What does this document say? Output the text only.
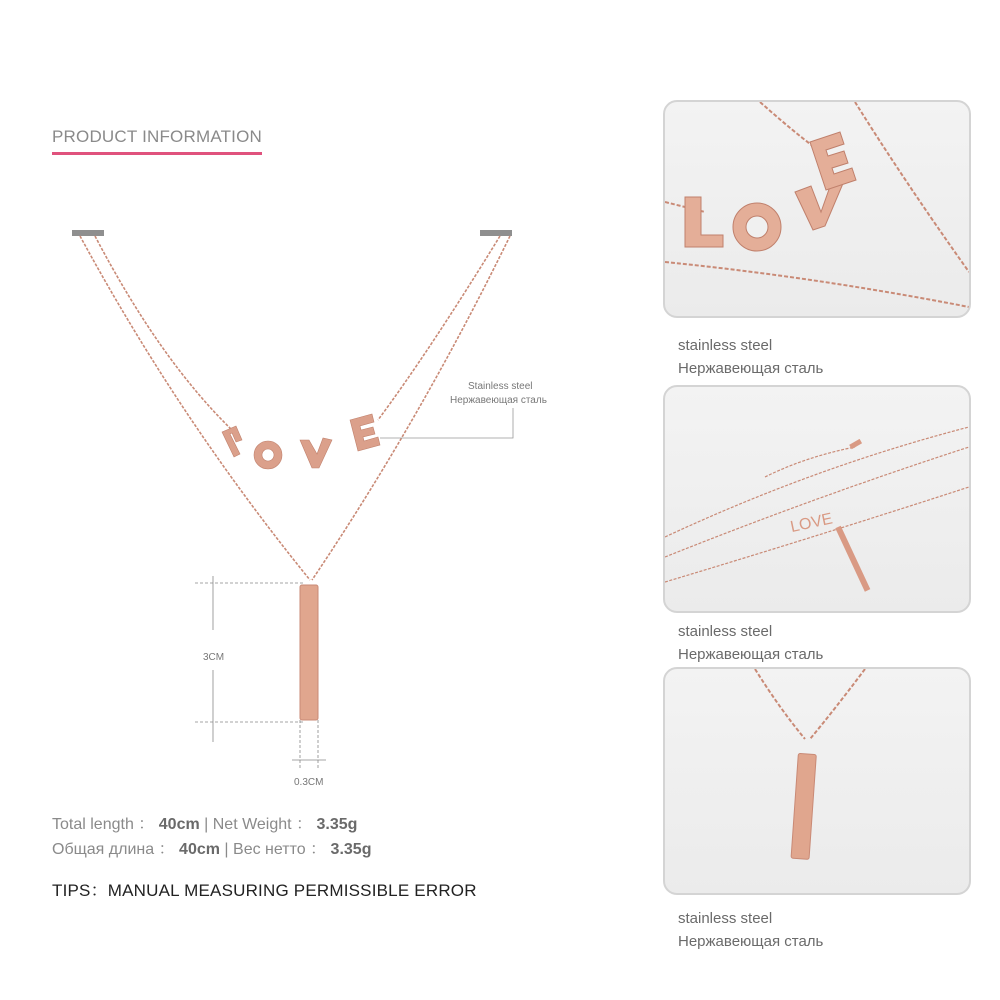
PRODUCT INFORMATION
3CM
0.3CM
Stainless steel
Нержавеющая сталь
Total length ： 40cm | Net Weight ： 3.35g
Общая длина ： 40cm | Вес нетто ： 3.35g
TIPS：MANUAL MEASURING PERMISSIBLE ERROR
stainless steel
Нержавеющая сталь
LOVE
stainless steel
Нержавеющая сталь
stainless steel
Нержавеющая сталь
